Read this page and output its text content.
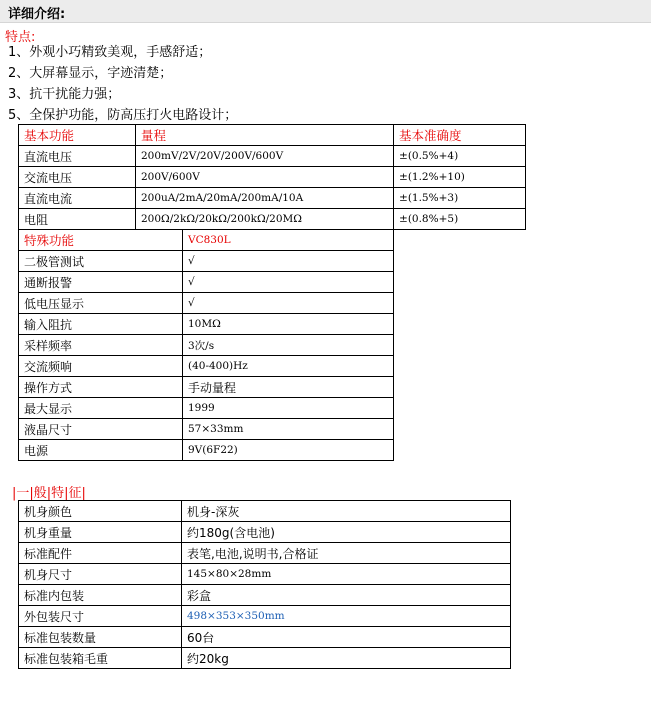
详细介绍:
特点:
1、外观小巧精致美观，手感舒适；
2、大屏幕显示，字迹清楚；
3、抗干扰能力强；
5、全保护功能，防高压打火电路设计；
基本功能	量程		基本准确度
直流电压	200mV/2V/20V/200V/600V		±(0.5%+4)
交流电压	200V/600V		±(1.2%+10)
直流电流	200uA/2mA/20mA/200mA/10A		±(1.5%+3)
电阻	200Ω/2kΩ/20kΩ/200kΩ/20MΩ		±(0.8%+5)
特殊功能		VC830L	
二极管测试		√	
通断报警		√	
低电压显示		√	
输入阻抗		10MΩ	
采样频率		3次/s	
交流频响		(40-400)Hz	
操作方式		手动量程	
最大显示		1999	
液晶尺寸		57×33mm	
电源		9V(6F22)	
|一|般|特|征|
机身颜色	机身-深灰
机身重量	约180g(含电池)
标准配件	表笔,电池,说明书,合格证
机身尺寸	145×80×28mm
标准内包装	彩盒
外包装尺寸	498×353×350mm
标准包装数量	60台
标准包装箱毛重	约20kg
